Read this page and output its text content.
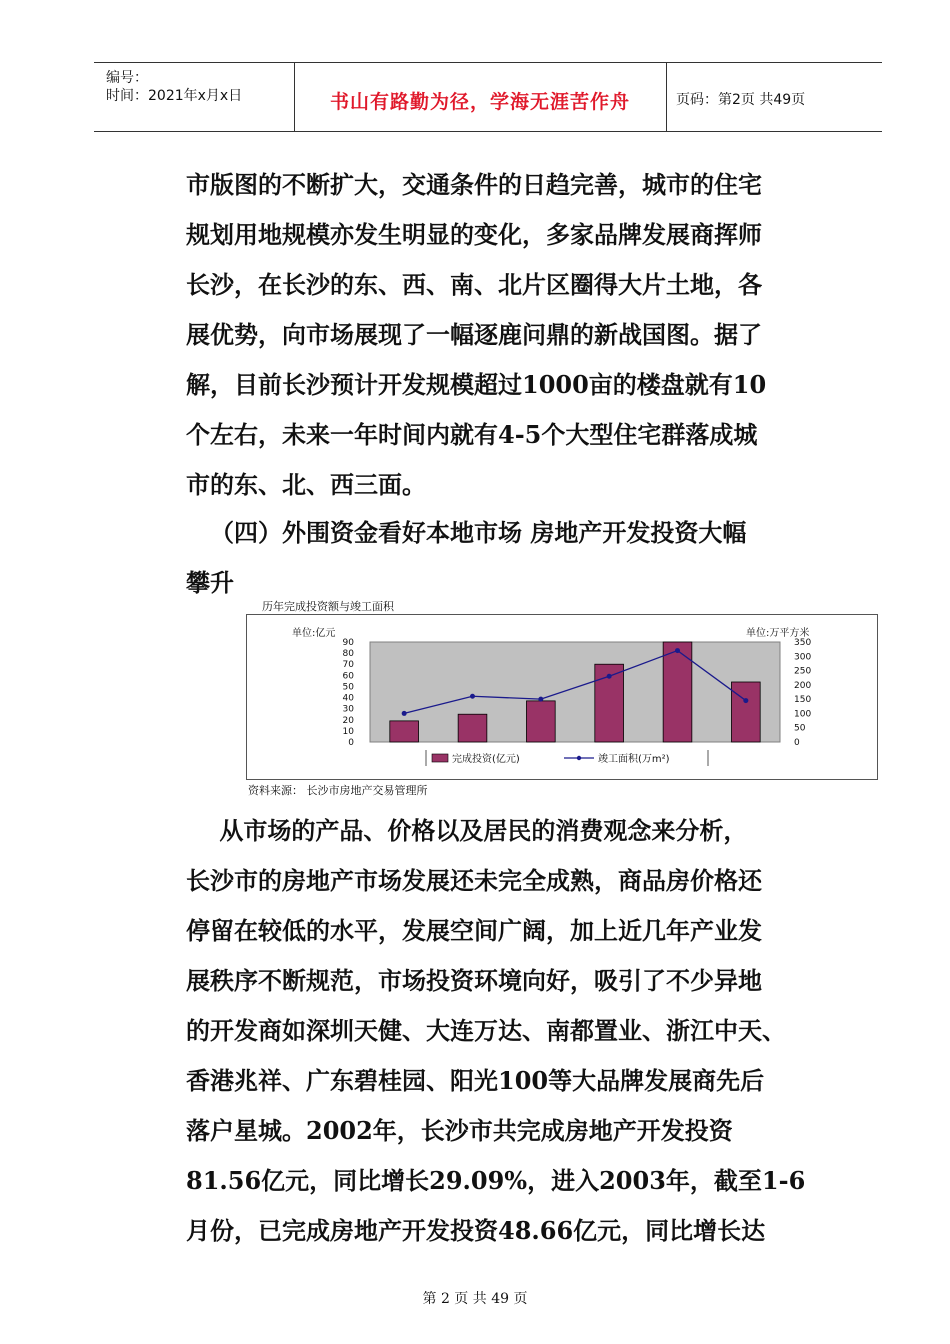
编号：
时间：2021年x月x日	书山有路勤为径，学海无涯苦作舟	页码：第2页 共49页

市版图的不断扩大，交通条件的日趋完善，城市的住宅
规划用地规模亦发生明显的变化，多家品牌发展商挥师
长沙，在长沙的东、西、南、北片区圈得大片土地，各
展优势，向市场展现了一幅逐鹿问鼎的新战国图。据了
解，目前长沙预计开发规模超过1000亩的楼盘就有10
个左右，未来一年时间内就有4-5个大型住宅群落成城
市的东、北、西三面。

（四）外围资金看好本地市场 房地产开发投资大幅

攀升

历年完成投资额与竣工面积
单位:亿元	单位:万平方米
0
10
20
30
40
50
60
70
80
90
0
50
100
150
200
250
300
350
完成投资(亿元)	竣工面积(万m²)
资料来源： 长沙市房地产交易管理所

从市场的产品、价格以及居民的消费观念来分析，
长沙市的房地产市场发展还未完全成熟，商品房价格还
停留在较低的水平，发展空间广阔，加上近几年产业发
展秩序不断规范，市场投资环境向好，吸引了不少异地
的开发商如深圳天健、大连万达、南都置业、浙江中天、
香港兆祥、广东碧桂园、阳光100等大品牌发展商先后
落户星城。2002年，长沙市共完成房地产开发投资
81.56亿元，同比增长29.09%，进入2003年，截至1-6
月份，已完成房地产开发投资48.66亿元，同比增长达

第 2 页 共 49 页
